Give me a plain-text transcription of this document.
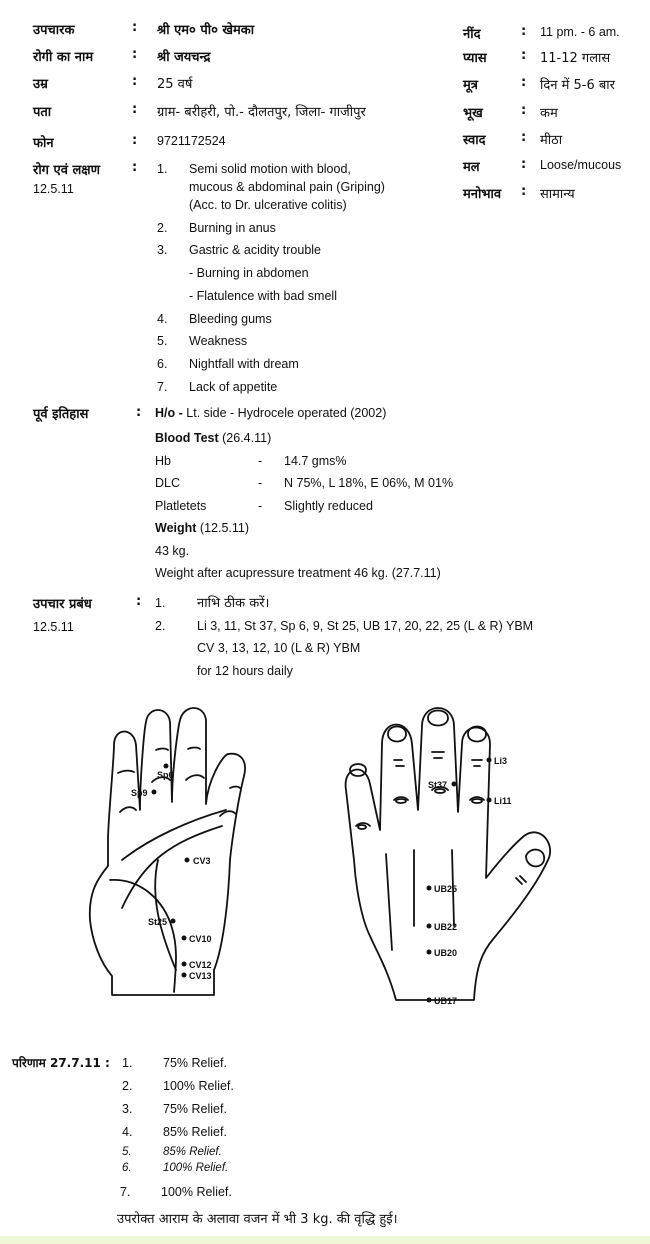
उपचारक	: श्री एम० पी० खेमका
रोगी का नाम	: श्री जयचन्द्र
उम्र	: 25 वर्ष
पता	: ग्राम- बरीहरी, पो.- दौलतपुर, जिला- गाजीपुर
फोन	: 9721172524
नींद	: 11 pm. - 6 am.
प्यास	: 11-12 गलास
मूत्र	: दिन में 5-6 बार
भूख	: कम
स्वाद	: मीठा
मल	: Loose/mucous
मनोभाव : सामान्य
रोग एवं लक्षण :
12.5.11
1. Semi solid motion with blood,
mucous & abdominal pain (Griping)
(Acc. to Dr. ulcerative colitis)
2. Burning in anus
3. Gastric & acidity trouble
- Burning in abdomen
- Flatulence with bad smell
4. Bleeding gums
5. Weakness
6. Nightfall with dream
7. Lack of appetite
पूर्व इतिहास	: H/o - Lt. side - Hydrocele operated (2002)
Blood Test (26.4.11)
Hb	- 14.7 gms%
DLC	- N 75%, L 18%, E 06%, M 01%
Platletets	- Slightly reduced
Weight (12.5.11)
43 kg.
Weight after acupressure treatment 46 kg. (27.7.11)
उपचार प्रबंध	:
12.5.11
1. नाभि ठीक करें।
2.	Li 3, 11, St 37, Sp 6, 9, St 25, UB 17, 20, 22, 25 (L & R) YBM
CV 3, 13, 12, 10 (L & R) YBM
for 12 hours daily
Sp6
Sp9
CV3
St25
CV10
CV12
CV13
Li3
St37
Li11
UB25
UB22
UB20
UB17
परिणाम 27.7.11 : 1. 75% Relief.
2. 100% Relief.
3. 75% Relief.
4. 85% Relief.
5.	85% Relief.
6.	100% Relief.
7. 100% Relief.
उपरोक्त आराम के अलावा वजन में भी 3 kg. की वृद्धि हुई।
